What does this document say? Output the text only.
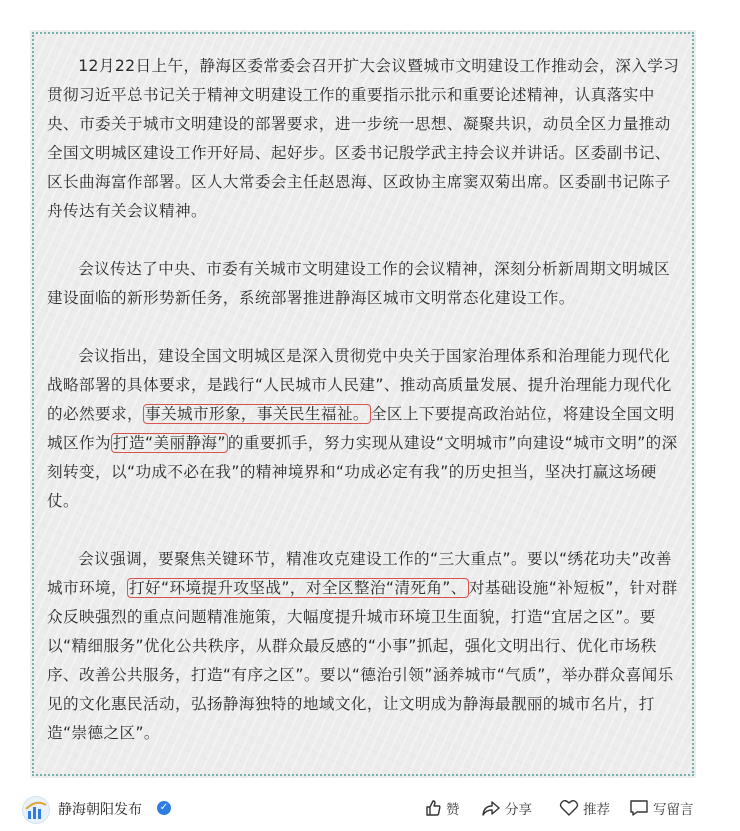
12月22日上午，静海区委常委会召开扩大会议暨城市文明建设工作推动会，深入学习贯彻习近平总书记关于精神文明建设工作的重要指示批示和重要论述精神，认真落实中央、市委关于城市文明建设的部署要求，进一步统一思想、凝聚共识，动员全区力量推动全国文明城区建设工作开好局、起好步。区委书记殷学武主持会议并讲话。区委副书记、区长曲海富作部署。区人大常委会主任赵恩海、区政协主席窦双菊出席。区委副书记陈子舟传达有关会议精神。

会议传达了中央、市委有关城市文明建设工作的会议精神，深刻分析新周期文明城区建设面临的新形势新任务，系统部署推进静海区城市文明常态化建设工作。

会议指出，建设全国文明城区是深入贯彻党中央关于国家治理体系和治理能力现代化战略部署的具体要求，是践行“人民城市人民建”、推动高质量发展、提升治理能力现代化的必然要求， 事关城市形象，事关民生福祉。 全区上下要提高政治站位，将建设全国文明城区作为 打造“美丽静海” 的重要抓手，努力实现从建设“文明城市”向建设“城市文明”的深刻转变，以“功成不必在我”的精神境界和“功成必定有我”的历史担当，坚决打赢这场硬仗。

会议强调，要聚焦关键环节，精准攻克建设工作的“三大重点”。要以“绣花功夫”改善城市环境， 打好“环境提升攻坚战”，对全区整治“清死角”、 对基础设施“补短板”，针对群众反映强烈的重点问题精准施策，大幅度提升城市环境卫生面貌，打造“宜居之区”。要以“精细服务”优化公共秩序，从群众最反感的“小事”抓起，强化文明出行、优化市场秩序、改善公共服务，打造“有序之区”。要以“德治引领”涵养城市“气质”，举办群众喜闻乐见的文化惠民活动，弘扬静海独特的地域文化，让文明成为静海最靓丽的城市名片，打造“崇德之区”。

静海朝阳发布 ✓	赞	分享	推荐	写留言
